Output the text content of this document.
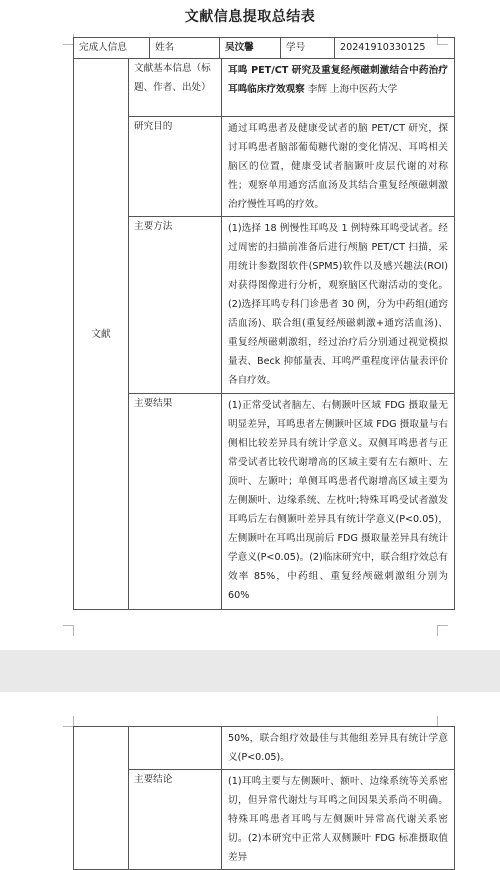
文献信息提取总结表
完成人信息	姓名	吴汶馨	学号	20241910330125
文献	文献基本信息（标题、作者、出处）	耳鸣 PET/CT 研究及重复经颅磁刺激结合中药治疗耳鸣临床疗效观察 李辉 上海中医药大学
	研究目的	通过耳鸣患者及健康受试者的脑 PET/CT 研究，探讨耳鸣患者脑部葡萄糖代谢的变化情况、耳鸣相关脑区的位置，健康受试者脑颞叶皮层代谢的对称性；观察单用通窍活血汤及其结合重复经颅磁刺激治疗慢性耳鸣的疗效。
	主要方法	(1)选择 18 例慢性耳鸣及 1 例特殊耳鸣受试者。经过周密的扫描前准备后进行颅脑 PET/CT 扫描，采用统计参数图软件(SPM5)软件以及感兴趣法(ROI)对获得图像进行分析，观察脑区代谢活动的变化。(2)选择耳鸣专科门诊患者 30 例，分为中药组(通窍活血汤)、联合组(重复经颅磁刺激+通窍活血汤)、重复经颅磁刺激组，经过治疗后分别通过视觉模拟量表、Beck 抑郁量表、耳鸣严重程度评估量表评价各自疗效。
	主要结果	(1)正常受试者脑左、右侧颞叶区域 FDG 摄取量无明显差异，耳鸣患者左侧颞叶区域 FDG 摄取量与右侧相比较差异具有统计学意义。双侧耳鸣患者与正常受试者比较代谢增高的区域主要有左右额叶、左顶叶、左颞叶；单侧耳鸣患者代谢增高区域主要为左侧颞叶、边缘系统、左枕叶;特殊耳鸣受试者激发耳鸣后左右侧颞叶差异具有统计学意义(P<0.05)，左侧颞叶在耳鸣出现前后 FDG 摄取量差异具有统计学意义(P<0.05)。(2)临床研究中，联合组疗效总有效率 85%，中药组、重复经颅磁刺激组分别为 60%
		50%，联合组疗效最佳与其他组差异具有统计学意义(P<0.05)。
	主要结论	(1)耳鸣主要与左侧颞叶、额叶、边缘系统等关系密切，但异常代谢灶与耳鸣之间因果关系尚不明确。特殊耳鸣患者耳鸣与左侧颞叶异常高代谢关系密切。(2)本研究中正常人双侧颞叶 FDG 标准摄取值差异
